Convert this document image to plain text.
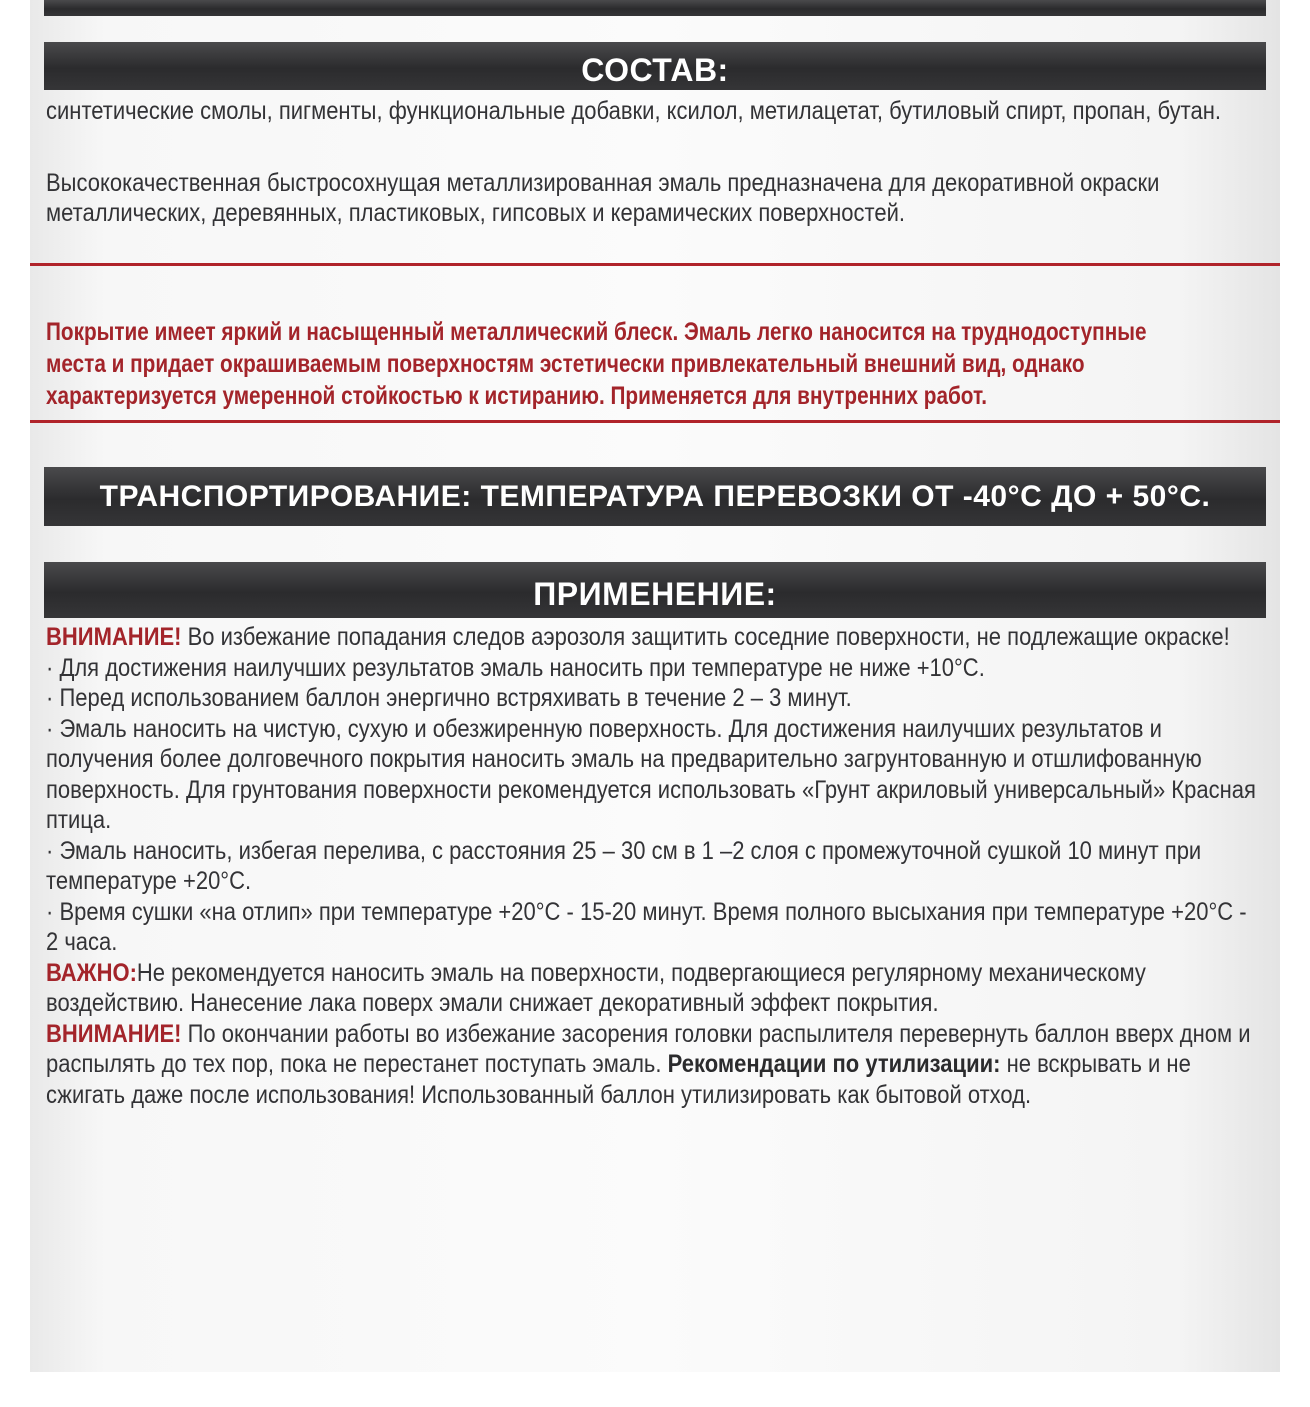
СОСТАВ:

синтетические смолы, пигменты, функциональные добавки, ксилол, метилацетат, бутиловый спирт, пропан, бутан.

Высококачественная быстросохнущая металлизированная эмаль предназначена для декоративной окраски металлических, деревянных, пластиковых, гипсовых и керамических поверхностей.

Покрытие имеет яркий и насыщенный металлический блеск. Эмаль легко наносится на труднодоступные места и придает окрашиваемым поверхностям эстетически привлекательный внешний вид, однако характеризуется умеренной стойкостью к истиранию. Применяется для внутренних работ.
ТРАНСПОРТИРОВАНИЕ: ТЕМПЕРАТУРА ПЕРЕВОЗКИ ОТ -40°С ДО + 50°С.
ПРИМЕНЕНИЕ:

ВНИМАНИЕ! Во избежание попадания следов аэрозоля защитить соседние поверхности, не подлежащие окраске!

· Для достижения наилучших результатов эмаль наносить при температуре не ниже +10°С.

· Перед использованием баллон энергично встряхивать в течение 2 – 3 минут.

· Эмаль наносить на чистую, сухую и обезжиренную поверхность. Для достижения наилучших результатов и получения более долговечного покрытия наносить эмаль на предварительно загрунтованную и отшлифованную поверхность. Для грунтования поверхности рекомендуется использовать «Грунт акриловый универсальный» Красная птица.

· Эмаль наносить, избегая перелива, с расстояния 25 – 30 см в 1 –2 слоя с промежуточной сушкой 10 минут при температуре +20°С.

· Время сушки «на отлип» при температуре +20°С - 15-20 минут. Время полного высыхания при температуре +20°С - 2 часа.

ВАЖНО:Не рекомендуется наносить эмаль на поверхности, подвергающиеся регулярному механическому воздействию. Нанесение лака поверх эмали снижает декоративный эффект покрытия.

ВНИМАНИЕ! По окончании работы во избежание засорения головки распылителя перевернуть баллон вверх дном и распылять до тех пор, пока не перестанет поступать эмаль. Рекомендации по утилизации: не вскрывать и не сжигать даже после использования! Использованный баллон утилизировать как бытовой отход.
